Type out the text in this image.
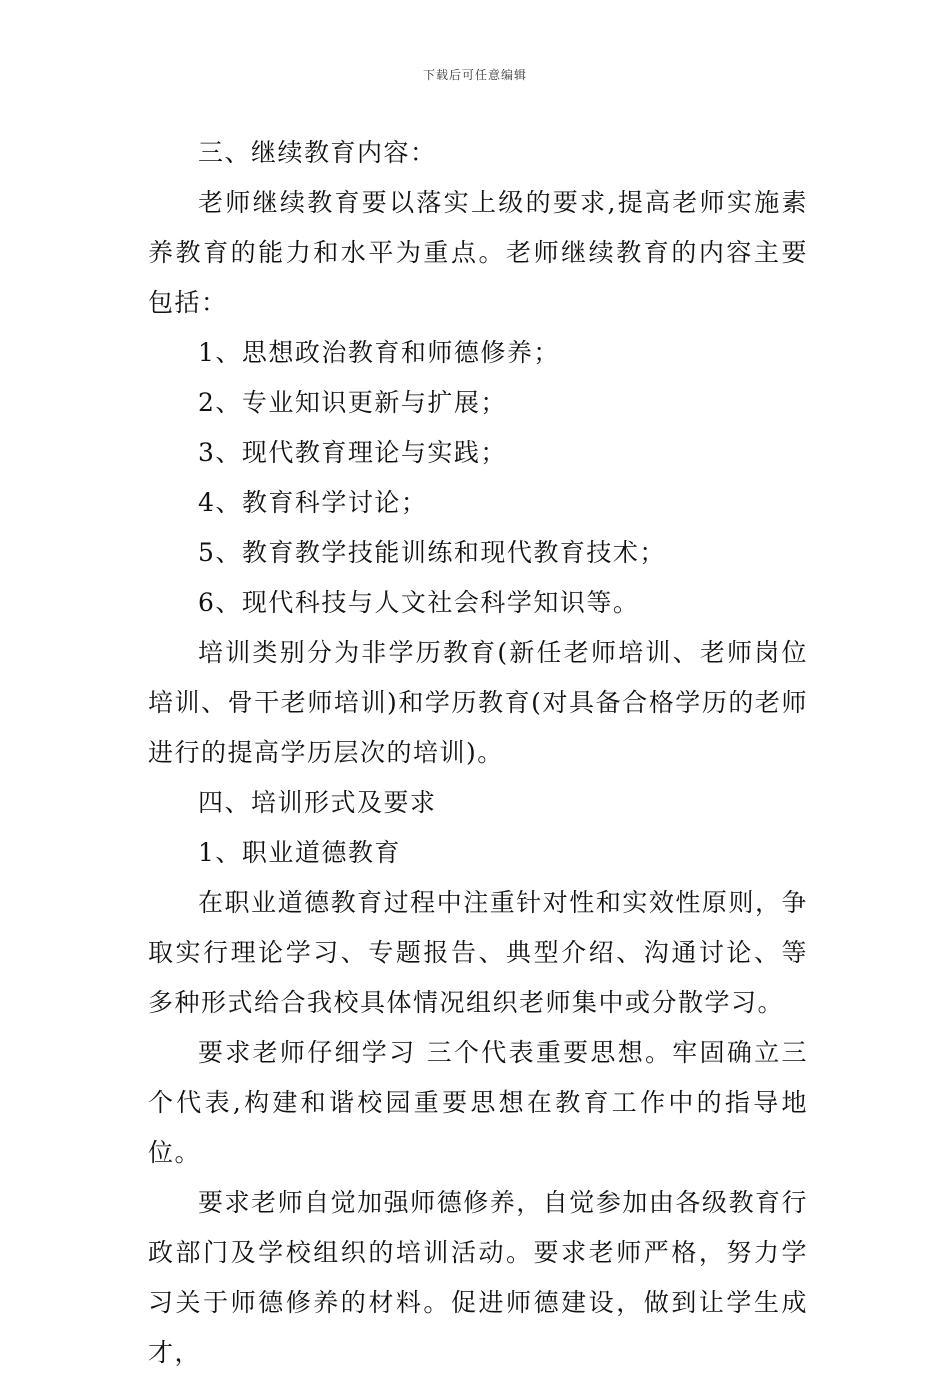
下载后可任意编辑

三、继续教育内容：

老师继续教育要以落实上级的要求,提高老师实施素养教育的能力和水平为重点。老师继续教育的内容主要包括：

1、思想政治教育和师德修养；

2、专业知识更新与扩展；

3、现代教育理论与实践；

4、教育科学讨论；

5、教育教学技能训练和现代教育技术；

6、现代科技与人文社会科学知识等。

培训类别分为非学历教育(新任老师培训、老师岗位培训、骨干老师培训)和学历教育(对具备合格学历的老师进行的提高学历层次的培训)。

四、培训形式及要求

1、职业道德教育

在职业道德教育过程中注重针对性和实效性原则，争取实行理论学习、专题报告、典型介绍、沟通讨论、等多种形式给合我校具体情况组织老师集中或分散学习。

要求老师仔细学习 三个代表重要思想。牢固确立三个代表,构建和谐校园重要思想在教育工作中的指导地位。

要求老师自觉加强师德修养，自觉参加由各级教育行政部门及学校组织的培训活动。要求老师严格，努力学习关于师德修养的材料。促进师德建设，做到让学生成才，
